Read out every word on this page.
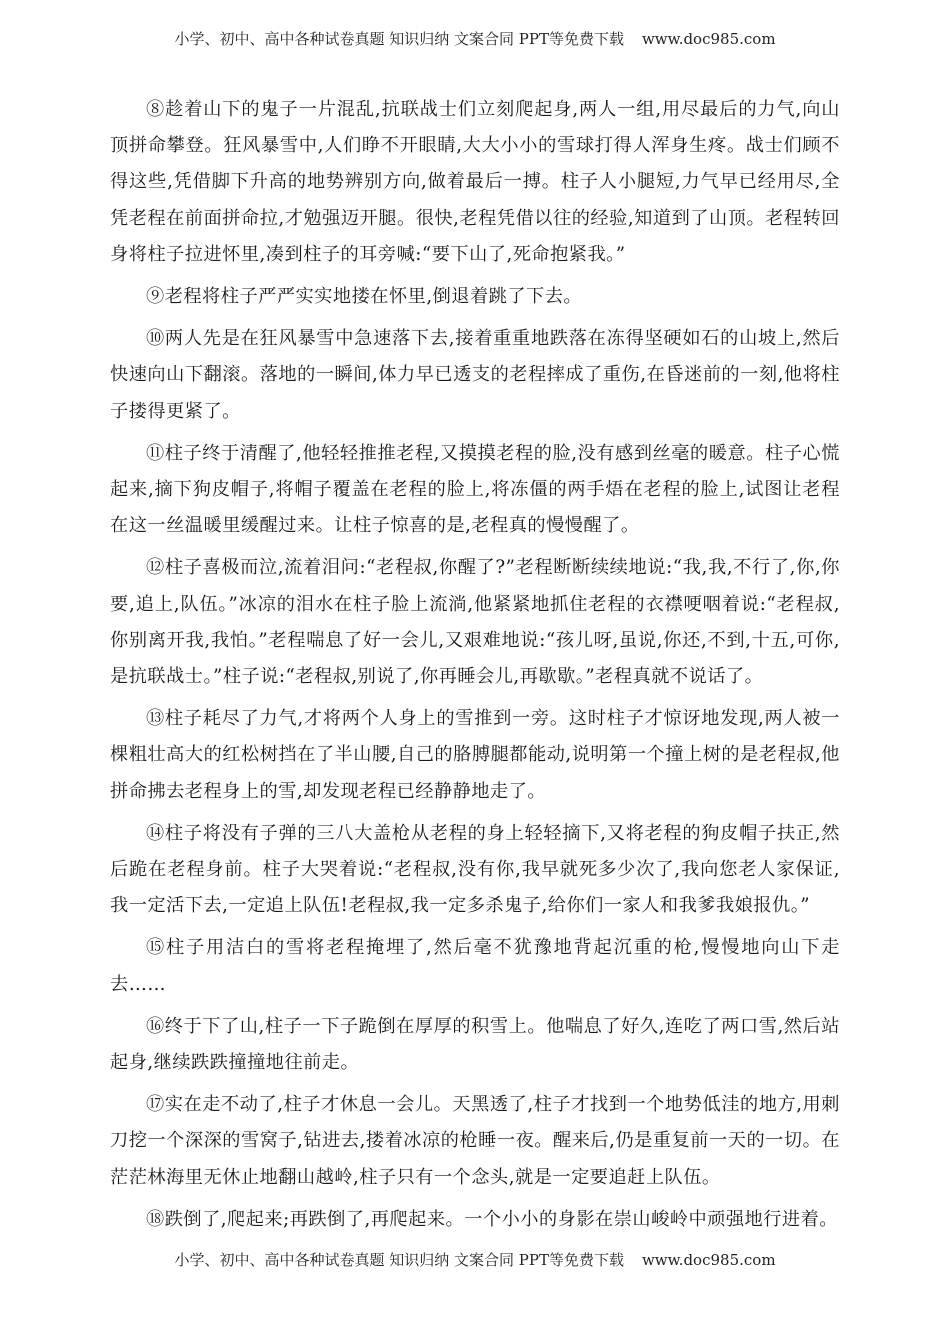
小学、初中、高中各种试卷真题 知识归纳 文案合同 PPT等免费下载 www.doc985.com

⑧趁着山下的鬼子一片混乱,抗联战士们立刻爬起身,两人一组,用尽最后的力气,向山顶拼命攀登。狂风暴雪中,人们睁不开眼睛,大大小小的雪球打得人浑身生疼。战士们顾不得这些,凭借脚下升高的地势辨别方向,做着最后一搏。柱子人小腿短,力气早已经用尽,全凭老程在前面拼命拉,才勉强迈开腿。很快,老程凭借以往的经验,知道到了山顶。老程转回身将柱子拉进怀里,凑到柱子的耳旁喊:“要下山了,死命抱紧我。”

⑨老程将柱子严严实实地搂在怀里,倒退着跳了下去。

⑩两人先是在狂风暴雪中急速落下去,接着重重地跌落在冻得坚硬如石的山坡上,然后快速向山下翻滚。落地的一瞬间,体力早已透支的老程摔成了重伤,在昏迷前的一刻,他将柱子搂得更紧了。

⑪柱子终于清醒了,他轻轻推推老程,又摸摸老程的脸,没有感到丝毫的暖意。柱子心慌起来,摘下狗皮帽子,将帽子覆盖在老程的脸上,将冻僵的两手焐在老程的脸上,试图让老程在这一丝温暖里缓醒过来。让柱子惊喜的是,老程真的慢慢醒了。

⑫柱子喜极而泣,流着泪问:“老程叔,你醒了?”老程断断续续地说:“我,我,不行了,你,你要,追上,队伍。”冰凉的泪水在柱子脸上流淌,他紧紧地抓住老程的衣襟哽咽着说:“老程叔,你别离开我,我怕。”老程喘息了好一会儿,又艰难地说:“孩儿呀,虽说,你还,不到,十五,可你,是抗联战士。”柱子说:“老程叔,别说了,你再睡会儿,再歇歇。”老程真就不说话了。

⑬柱子耗尽了力气,才将两个人身上的雪推到一旁。这时柱子才惊讶地发现,两人被一棵粗壮高大的红松树挡在了半山腰,自己的胳膊腿都能动,说明第一个撞上树的是老程叔,他拼命拂去老程身上的雪,却发现老程已经静静地走了。

⑭柱子将没有子弹的三八大盖枪从老程的身上轻轻摘下,又将老程的狗皮帽子扶正,然后跪在老程身前。柱子大哭着说:“老程叔,没有你,我早就死多少次了,我向您老人家保证,我一定活下去,一定追上队伍!老程叔,我一定多杀鬼子,给你们一家人和我爹我娘报仇。”

⑮柱子用洁白的雪将老程掩埋了,然后毫不犹豫地背起沉重的枪,慢慢地向山下走去……

⑯终于下了山,柱子一下子跪倒在厚厚的积雪上。他喘息了好久,连吃了两口雪,然后站起身,继续跌跌撞撞地往前走。

⑰实在走不动了,柱子才休息一会儿。天黑透了,柱子才找到一个地势低洼的地方,用刺刀挖一个深深的雪窝子,钻进去,搂着冰凉的枪睡一夜。醒来后,仍是重复前一天的一切。在茫茫林海里无休止地翻山越岭,柱子只有一个念头,就是一定要追赶上队伍。

⑱跌倒了,爬起来;再跌倒了,再爬起来。一个小小的身影在崇山峻岭中顽强地行进着。

小学、初中、高中各种试卷真题 知识归纳 文案合同 PPT等免费下载 www.doc985.com
